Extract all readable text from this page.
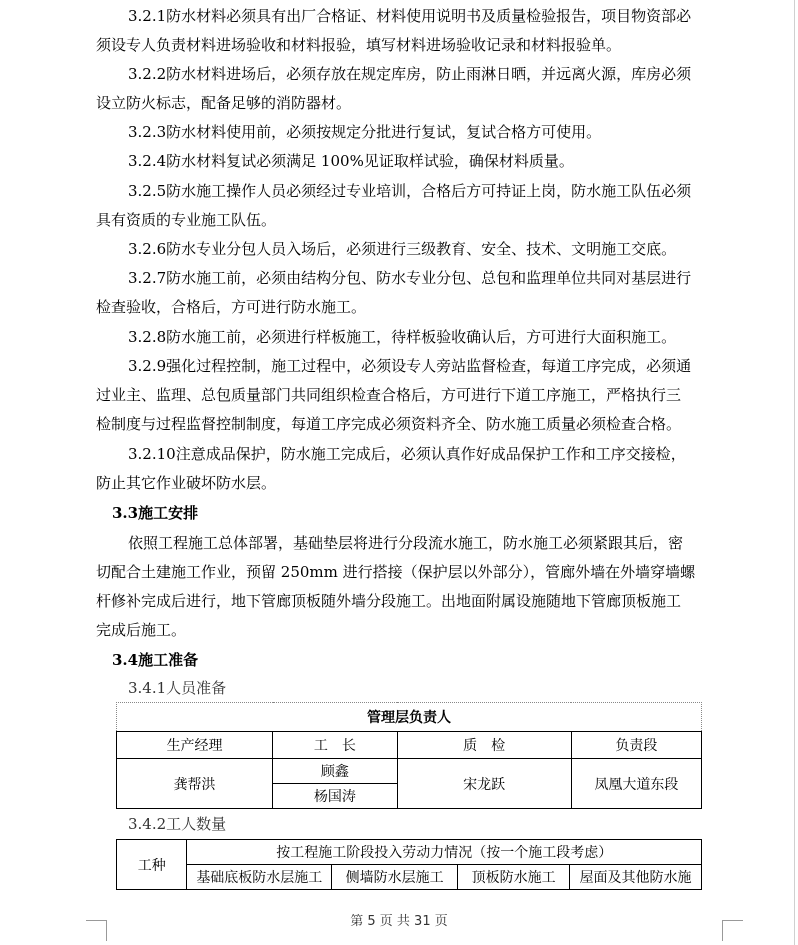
3.2.1防水材料必须具有出厂合格证、材料使用说明书及质量检验报告，项目物资部必
须设专人负责材料进场验收和材料报验，填写材料进场验收记录和材料报验单。
3.2.2防水材料进场后，必须存放在规定库房，防止雨淋日晒，并远离火源，库房必须
设立防火标志，配备足够的消防器材。
3.2.3防水材料使用前，必须按规定分批进行复试，复试合格方可使用。
3.2.4防水材料复试必须满足 100%见证取样试验，确保材料质量。
3.2.5防水施工操作人员必须经过专业培训，合格后方可持证上岗，防水施工队伍必须
具有资质的专业施工队伍。
3.2.6防水专业分包人员入场后，必须进行三级教育、安全、技术、文明施工交底。
3.2.7防水施工前，必须由结构分包、防水专业分包、总包和监理单位共同对基层进行
检查验收，合格后，方可进行防水施工。
3.2.8防水施工前，必须进行样板施工，待样板验收确认后，方可进行大面积施工。
3.2.9强化过程控制，施工过程中，必须设专人旁站监督检查，每道工序完成，必须通
过业主、监理、总包质量部门共同组织检查合格后，方可进行下道工序施工，严格执行三
检制度与过程监督控制制度，每道工序完成必须资料齐全、防水施工质量必须检查合格。
3.2.10注意成品保护，防水施工完成后，必须认真作好成品保护工作和工序交接检，
防止其它作业破坏防水层。
3.3施工安排
依照工程施工总体部署，基础垫层将进行分段流水施工，防水施工必须紧跟其后，密
切配合土建施工作业，预留 250mm 进行搭接（保护层以外部分），管廊外墙在外墙穿墙螺
杆修补完成后进行，地下管廊顶板随外墙分段施工。出地面附属设施随地下管廊顶板施工
完成后施工。
3.4施工准备
3.4.1人员准备
管理层负责人			
生产经理	工　长	质　检	负责段
龚帮洪	顾鑫	宋龙跃	凤凰大道东段
	杨国涛		
3.4.2工人数量
工种	按工程施工阶段投入劳动力情况（按一个施工段考虑）			
	基础底板防水层施工	侧墙防水层施工	顶板防水施工	屋面及其他防水施
第 5 页 共 31 页
